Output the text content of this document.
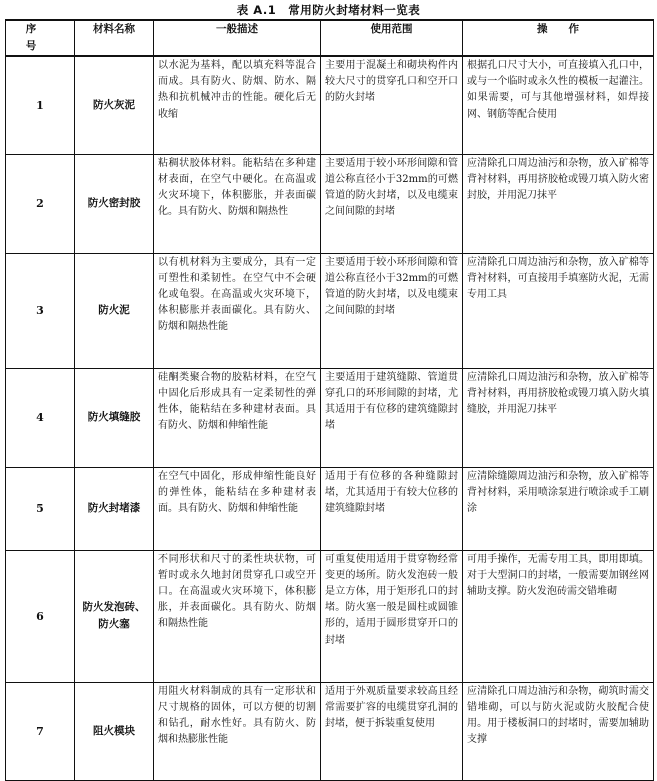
表 A.1　常用防火封堵材料一览表
序 号	材料名称	一般描述	使用范围	操　　作
1	防火灰泥	以水泥为基料，配以填充料等混合而成。具有防火、防烟、防水、隔热和抗机械冲击的性能。硬化后无收缩	主要用于混凝土和砌块构件内较大尺寸的贯穿孔口和空开口的防火封堵	根据孔口尺寸大小，可直接填入孔口中，或与一个临时或永久性的模板一起灌注。如果需要，可与其他增强材料，如焊接网、钢筋等配合使用

2	防火密封胶	粘稠状胶体材料。能粘结在多种建材表面，在空气中硬化。在高温或火灾环境下，体积膨胀，并表面碳化。具有防火、防烟和隔热性	主要适用于较小环形间隙和管道公称直径小于32mm的可燃管道的防火封堵，以及电缆束之间间隙的封堵	应清除孔口周边油污和杂物，放入矿棉等背衬材料，再用挤胶枪或镘刀填入防火密封胶，并用泥刀抹平

3	防火泥	以有机材料为主要成分，具有一定可塑性和柔韧性。在空气中不会硬化或龟裂。在高温或火灾环境下，体积膨胀并表面碳化。具有防火、防烟和隔热性能	主要适用于较小环形间隙和管道公称直径小于32mm的可燃管道的防火封堵，以及电缆束之间间隙的封堵	应清除孔口周边油污和杂物，放入矿棉等背衬材料，可直接用手填塞防火泥，无需专用工具

4	防火填缝胶	硅酮类聚合物的胶粘材料，在空气中固化后形成具有一定柔韧性的弹性体，能粘结在多种建材表面。具有防火、防烟和伸缩性能	主要适用于建筑缝隙、管道贯穿孔口的环形间隙的封堵，尤其适用于有位移的建筑缝隙封堵	应清除孔口周边油污和杂物，放入矿棉等背衬材料，再用挤胶枪或镘刀填入防火填缝胶，并用泥刀抹平

5	防火封堵漆	在空气中固化，形成伸缩性能良好的弹性体，能粘结在多种建材表面。具有防火、防烟和伸缩性能	适用于有位移的各种缝隙封堵，尤其适用于有较大位移的建筑缝隙封堵	应清除缝隙周边油污和杂物，放入矿棉等背衬材料，采用喷涂泵进行喷涂或手工刷涂

6	防火发泡砖、防火塞	不同形状和尺寸的柔性块状物，可暂时或永久地封闭贯穿孔口或空开口。在高温或火灾环境下，体积膨胀，并表面碳化。具有防火、防烟和隔热性能	可重复使用适用于贯穿物经常变更的场所。防火发泡砖一般是立方体，用于矩形孔口的封堵。防火塞一般是圆柱或圆锥形的，适用于圆形贯穿开口的封堵	可用手操作，无需专用工具，即用即填。对于大型洞口的封堵，一般需要加钢丝网辅助支撑。防火发泡砖需交错堆砌

7	阻火模块	用阻火材料制成的具有一定形状和尺寸规格的固体，可以方便的切割和钻孔，耐水性好。具有防火、防烟和热膨胀性能	适用于外观质量要求较高且经常需要扩容的电缆贯穿孔洞的封堵，便于拆装重复使用	应清除孔口周边油污和杂物，砌筑时需交错堆砌，可以与防火泥或防火胶配合使用。用于楼板洞口的封堵时，需要加辅助支撑
